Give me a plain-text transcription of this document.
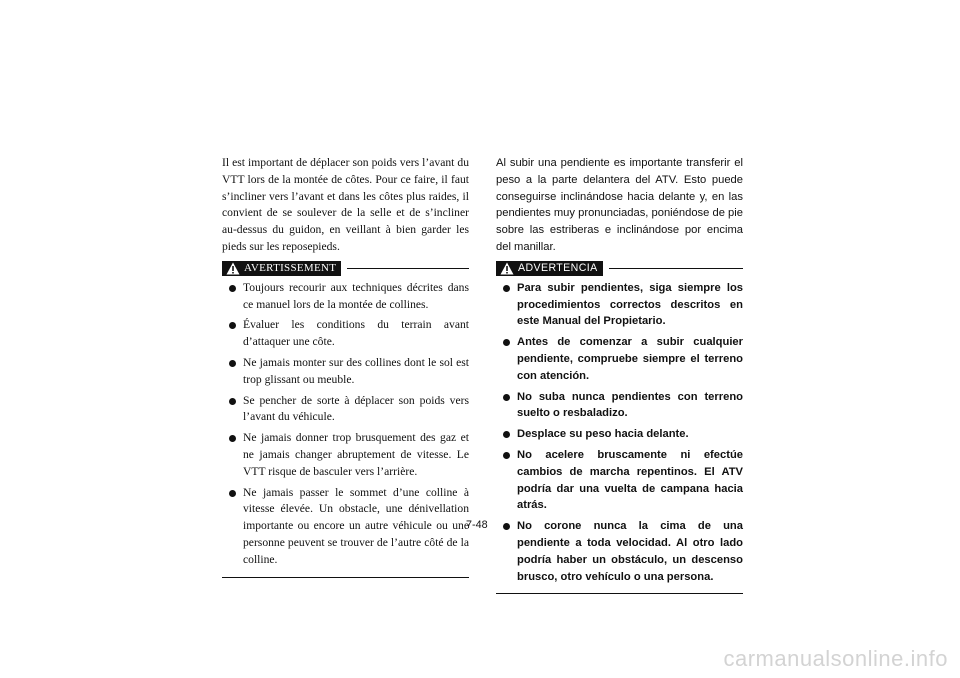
Il est important de déplacer son poids vers l’avant du VTT lors de la montée de côtes. Pour ce faire, il faut s’incliner vers l’avant et dans les côtes plus raides, il convient de se soulever de la selle et de s’incliner au-dessus du guidon, en veillant à bien garder les pieds sur les reposepieds.

AVERTISSEMENT
Toujours recourir aux techniques décrites dans ce manuel lors de la montée de collines.
Évaluer les conditions du terrain avant d’attaquer une côte.
Ne jamais monter sur des collines dont le sol est trop glissant ou meuble.
Se pencher de sorte à déplacer son poids vers l’avant du véhicule.
Ne jamais donner trop brusquement des gaz et ne jamais changer abruptement de vitesse. Le VTT risque de basculer vers l’arrière.
Ne jamais passer le sommet d’une colline à vitesse élevée. Un obstacle, une dénivellation importante ou encore un autre véhicule ou une personne peuvent se trouver de l’autre côté de la colline.

Al subir una pendiente es importante transferir el peso a la parte delantera del ATV. Esto puede conseguirse inclinándose hacia delante y, en las pendientes muy pronunciadas, poniéndose de pie sobre las estriberas e inclinándose por encima del manillar.

ADVERTENCIA
Para subir pendientes, siga siempre los procedimientos correctos descritos en este Manual del Propietario.
Antes de comenzar a subir cualquier pendiente, compruebe siempre el terreno con atención.
No suba nunca pendientes con terreno suelto o resbaladizo.
Desplace su peso hacia delante.
No acelere bruscamente ni efectúe cambios de marcha repentinos. El ATV podría dar una vuelta de campana hacia atrás.
No corone nunca la cima de una pendiente a toda velocidad. Al otro lado podría haber un obstáculo, un descenso brusco, otro vehículo o una persona.
7-48
carmanualsonline.info
